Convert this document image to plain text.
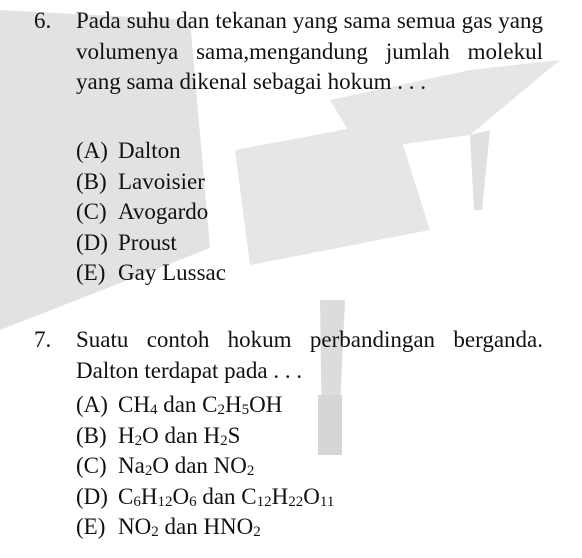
6. Pada suhu dan tekanan yang sama semua gas yang volumenya sama,mengandung jumlah molekul yang sama dikenal sebagai hokum . . .

(A) Dalton
(B) Lavoisier
(C) Avogardo
(D) Proust
(E) Gay Lussac
7. Suatu contoh hokum perbandingan berganda. Dalton terdapat pada . . .

(A) $CH_4$ dan $C_2H_5OH$
(B) $H_2O$ dan $H_2S$
(C) $Na_2O$ dan $NO_2$
(D) $C_6H_{12}O_6$ dan $C_{12}H_{22}O_{11}$
(E) $NO_2$ dan $HNO_2$
